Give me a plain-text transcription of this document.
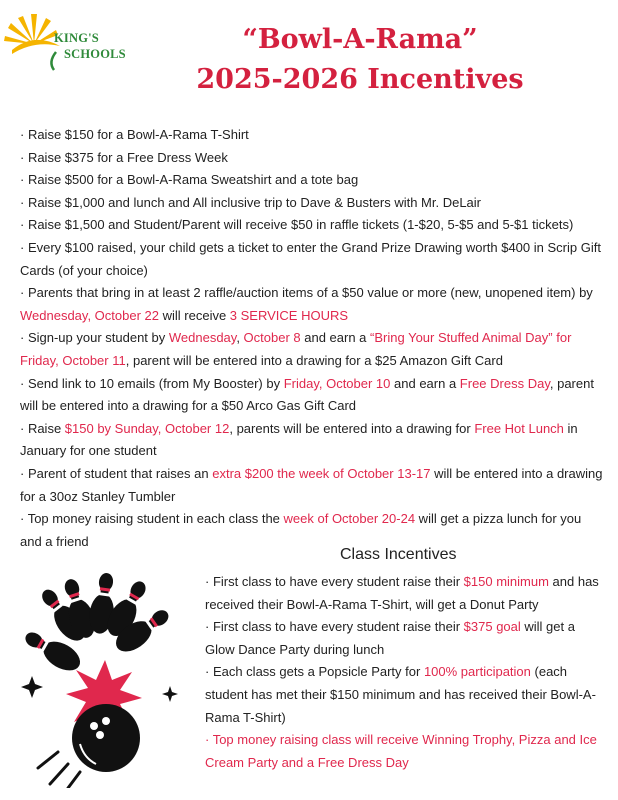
KING'S
SCHOOLS	“Bowl-A-Rama”
2025-2026 Incentives
· Raise $150 for a Bowl-A-Rama T-Shirt
· Raise $375 for a Free Dress Week
· Raise $500 for a Bowl-A-Rama Sweatshirt and a tote bag
· Raise $1,000 and lunch and All inclusive trip to Dave & Busters with Mr. DeLair
· Raise $1,500 and Student/Parent will receive $50 in raffle tickets (1-$20, 5-$5 and 5-$1 tickets)
· Every $100 raised, your child gets a ticket to enter the Grand Prize Drawing worth $400 in Scrip Gift Cards (of your choice)
· Parents that bring in at least 2 raffle/auction items of a $50 value or more (new, unopened item) by Wednesday, October 22 will receive 3 SERVICE HOURS
· Sign-up your student by Wednesday, October 8 and earn a “Bring Your Stuffed Animal Day” for Friday, October 11, parent will be entered into a drawing for a $25 Amazon Gift Card
· Send link to 10 emails (from My Booster) by Friday, October 10 and earn a Free Dress Day, parent will be entered into a drawing for a $50 Arco Gas Gift Card
· Raise $150 by Sunday, October 12, parents will be entered into a drawing for Free Hot Lunch in January for one student
· Parent of student that raises an extra $200 the week of October 13-17 will be entered into a drawing for a 30oz Stanley Tumbler
· Top money raising student in each class the week of October 20-24 will get a pizza lunch for you and a friend
Class Incentives
· First class to have every student raise their $150 minimum and has received their Bowl-A-Rama T-Shirt, will get a Donut Party
· First class to have every student raise their $375 goal will get a Glow Dance Party during lunch
· Each class gets a Popsicle Party for 100% participation (each student has met their $150 minimum and has received their Bowl-A-Rama T-Shirt)
· Top money raising class will receive Winning Trophy, Pizza and Ice Cream Party and a Free Dress Day
